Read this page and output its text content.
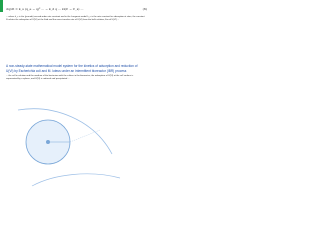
dq/dt = k_s (q_e − q)² ... − k_d q ... Ω(C − C_s) ...	(6)
... where k_s is the (pseudo) second-order rate constant and in the Langmuir model k_s is the rate constant for adsorption at sites; the constant Ω relates the adsorption of U(VI) at the fluid and the mass-transfer rate of U(VI) from the bulk solution; flux of U(VI) ...
A non-steady-state mathematical model system for the kinetics of adsorption and reduction of U(VI) by Escherichia coli and M. luteus under an intermittent bioreactor (IBR) process
... the cell in solution and the medium of the bacterium with the culture in the bioreactor; the adsorption of U(VI) at the cell surface is represented by a sphere, and U(VI) is reduced and precipitated ...
